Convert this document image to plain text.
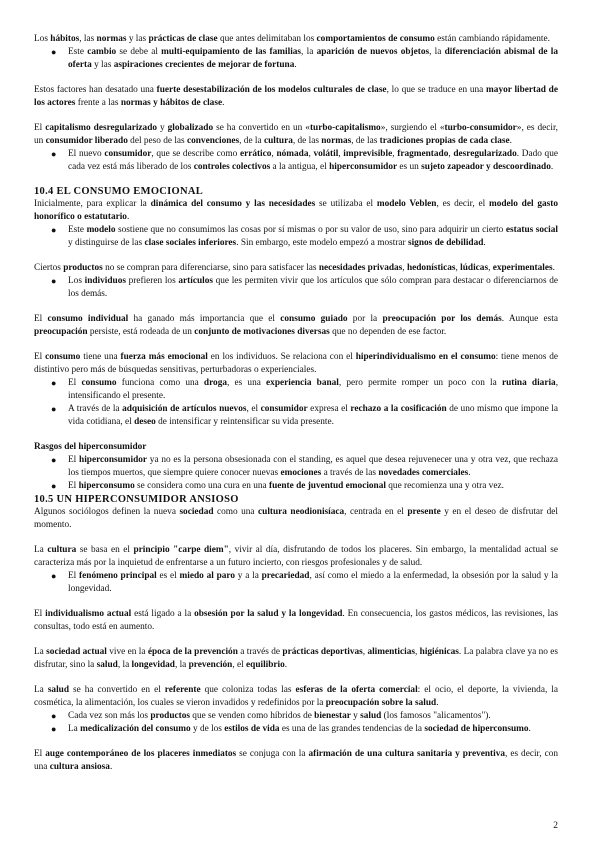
Los hábitos, las normas y las prácticas de clase que antes delimitaban los comportamientos de consumo están cambiando rápidamente.

● Este cambio se debe al multi-equipamiento de las familias, la aparición de nuevos objetos, la diferenciación abismal de la oferta y las aspiraciones crecientes de mejorar de fortuna.

Estos factores han desatado una fuerte desestabilización de los modelos culturales de clase, lo que se traduce en una mayor libertad de los actores frente a las normas y hábitos de clase.

El capitalismo desregularizado y globalizado se ha convertido en un «turbo-capitalismo», surgiendo el «turbo-consumidor», es decir, un consumidor liberado del peso de las convenciones, de la cultura, de las normas, de las tradiciones propias de cada clase.

● El nuevo consumidor, que se describe como errático, nómada, volátil, imprevisible, fragmentado, desregularizado. Dado que cada vez está más liberado de los controles colectivos a la antigua, el hiperconsumidor es un sujeto zapeador y descoordinado.
10.4 EL CONSUMO EMOCIONAL

Inicialmente, para explicar la dinámica del consumo y las necesidades se utilizaba el modelo Veblen, es decir, el modelo del gasto honorífico o estatutario.

● Este modelo sostiene que no consumimos las cosas por sí mismas o por su valor de uso, sino para adquirir un cierto estatus social y distinguirse de las clase sociales inferiores. Sin embargo, este modelo empezó a mostrar signos de debilidad.

Ciertos productos no se compran para diferenciarse, sino para satisfacer las necesidades privadas, hedonísticas, lúdicas, experimentales.

● Los individuos prefieren los artículos que les permiten vivir que los artículos que sólo compran para destacar o diferenciarnos de los demás.

El consumo individual ha ganado más importancia que el consumo guiado por la preocupación por los demás. Aunque esta preocupación persiste, está rodeada de un conjunto de motivaciones diversas que no dependen de ese factor.

El consumo tiene una fuerza más emocional en los individuos. Se relaciona con el hiperindividualismo en el consumo: tiene menos de distintivo pero más de búsquedas sensitivas, perturbadoras o experienciales.

● El consumo funciona como una droga, es una experiencia banal, pero permite romper un poco con la rutina diaria, intensificando el presente.
● A través de la adquisición de artículos nuevos, el consumidor expresa el rechazo a la cosificación de uno mismo que impone la vida cotidiana, el deseo de intensificar y reintensificar su vida presente.
Rasgos del hiperconsumidor
● El hiperconsumidor ya no es la persona obsesionada con el standing, es aquel que desea rejuvenecer una y otra vez, que rechaza los tiempos muertos, que siempre quiere conocer nuevas emociones a través de las novedades comerciales.
● El hiperconsumo se considera como una cura en una fuente de juventud emocional que recomienza una y otra vez.
10.5 UN HIPERCONSUMIDOR ANSIOSO

Algunos sociólogos definen la nueva sociedad como una cultura neodionisíaca, centrada en el presente y en el deseo de disfrutar del momento.

La cultura se basa en el principio "carpe diem", vivir al día, disfrutando de todos los placeres. Sin embargo, la mentalidad actual se caracteriza más por la inquietud de enfrentarse a un futuro incierto, con riesgos profesionales y de salud.

● El fenómeno principal es el miedo al paro y a la precariedad, así como el miedo a la enfermedad, la obsesión por la salud y la longevidad.

El individualismo actual está ligado a la obsesión por la salud y la longevidad. En consecuencia, los gastos médicos, las revisiones, las consultas, todo está en aumento.

La sociedad actual vive en la época de la prevención a través de prácticas deportivas, alimenticias, higiénicas. La palabra clave ya no es disfrutar, sino la salud, la longevidad, la prevención, el equilibrio.

La salud se ha convertido en el referente que coloniza todas las esferas de la oferta comercial: el ocio, el deporte, la vivienda, la cosmética, la alimentación, los cuales se vieron invadidos y redefinidos por la preocupación sobre la salud.

● Cada vez son más los productos que se venden como híbridos de bienestar y salud (los famosos "alicamentos").
● La medicalización del consumo y de los estilos de vida es una de las grandes tendencias de la sociedad de hiperconsumo.

El auge contemporáneo de los placeres inmediatos se conjuga con la afirmación de una cultura sanitaria y preventiva, es decir, con una cultura ansiosa.

2
